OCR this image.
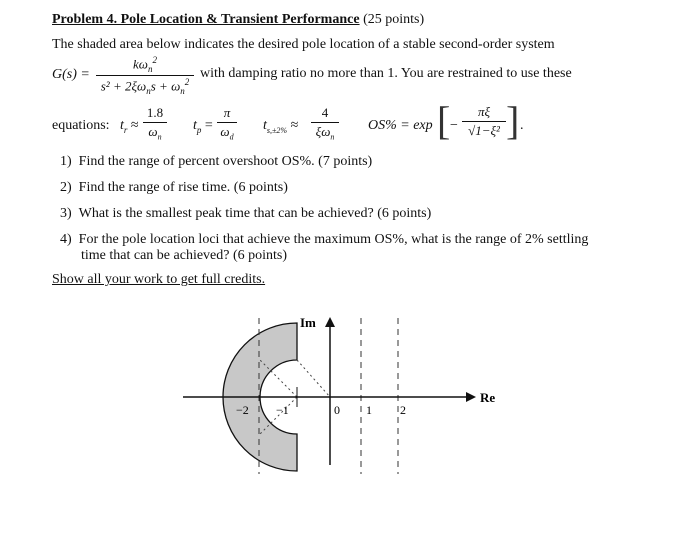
Problem 4. Pole Location & Transient Performance (25 points)
The shaded area below indicates the desired pole location of a stable second-order system
G(s) =
$k\omega_n^2$
$s^2 + 2\xi\omega_ns + \omega_n^2$
with damping ratio no more than 1. You are restrained to use these
equations: $t_r$ ≈
1.8
$\omega_n$
$t_p$ =
π
$\omega_d$
$t_{s,\pm 2\%}$ ≈
4
$\xi\omega_n$
OS% = exp [ −
πξ
√1−ξ² ] .
1) Find the range of percent overshoot OS%. (7 points)
2) Find the range of rise time. (6 points)
3) What is the smallest peak time that can be achieved? (6 points)
4) For the pole location loci that achieve the maximum OS%, what is the range of 2% settling
time that can be achieved? (6 points)
Show all your work to get full credits.
Im
Re
−2 −1	0 1 2
